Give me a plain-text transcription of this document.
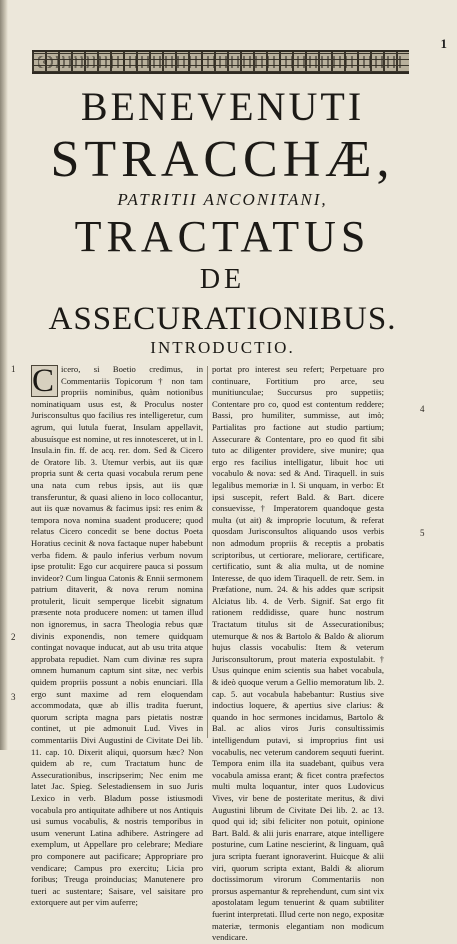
1
BENEVENUTI
STRACCHÆ,
PATRITII ANCONITANI,
TRACTATUS
DE
ASSECURATIONIBUS.
INTRODUCTIO.
1
2
3
4
5

Cicero, si Boetio credimus, in Commentariis Topicorum † non tam propriis nominibus, quàm notionibus nominatiquam usus est, & Proculus noster Jurisconsultus quo facilius res intelligeretur, cum agrum, qui lutula fuerat, Insulam appellavit, abusuísque est nomine, ut res innotesceret, ut in l. Insula.in fin. ff. de acq. rer. dom. Sed & Cicero de Oratore lib. 3. Utemur verbis, aut iis quæ propria sunt & certa quasi vocabula rerum pene una nata cum rebus ipsis, aut iis quæ transferuntur, & quasi alieno in loco collocantur, aut iis quæ novamus & facimus ipsi: res enim & tempora nova nomina suadent producere; quod relatus Cicero concedit se bene doctus Poeta Horatius cecinit & nova factaque nuper habebunt verba fidem. & paulo inferius verbum novum ipse protulit: Ego cur acquirere pauca si possum invideor? Cum lingua Catonis & Ennii sermonem patrium ditaverit, & nova rerum nomina protulerit, licuit semperque licebit signatum præsente nota producere nomen: ut tamen illud non ignoremus, in sacra Theologia rebus quæ divinis exponendis, non temere quidquam contingat novaque inducat, aut ab usu trita atque approbata repudiet. Nam cum divinæ res supra omnem humanum captum sint sitæ, nec verbis quidem propriis possunt a nobis enunciari. Illa ergo sunt maxime ad rem eloquendam accommodata, quæ ab illis tradita fuerunt, quorum scripta magna pars pietatis nostræ continet, ut pie admonuit Lud. Vives in commentariis Divi Augustini de Civitate Dei lib. 11. cap. 10. Dixerit aliqui, quorsum hæc? Non quidem ab re, cum Tractatum hunc de Assecurationibus, inscripserim; Nec enim me latet Jac. Spieg. Selestadiensem in suo Juris Lexico in verb. Bladum posse istiusmodi vocabula pro antiquitate adhibere ut nos Antiquis usi sumus vocabulis, & nostris temporibus in usum venerunt Latina adhibere. Astringere ad exemplum, ut Appellare pro celebrare; Mediare pro componere aut pacificare; Appropriare pro vendicare; Campus pro exercitu; Licia pro foribus; Treuga proinducias; Manutenere pro tueri ac sustentare; Saisare, vel saisitare pro extorquere aut per vim auferre;

portat pro interest seu refert; Perpetuare pro continuare, Fortitium pro arce, seu munitiunculae; Succursus pro suppetiis; Contentare pro co, quod est contentum reddere; Bassi, pro humiliter, summisse, aut imò; Partialitas pro factione aut studio partium; Assecurare & Contentare, pro eo quod fit sibi tuto ac diligenter providere, sive munire; qua ergo res facilius intelligatur, libuit hoc uti vocabulo & nova: sed & And. Tiraquell. in suis legalibus memoriæ in l. Si unquam, in verbo: Et ipsi suscepit, refert Bald. & Bart. dicere consuevisse, † Imperatorem quandoque gesta multa (ut ait) & improprie locutum, & referat quosdam Jurisconsultos aliquando usos verbis non admodum propriis & receptis a probatis scriptoribus, ut certiorare, meliorare, certificare, certificatio, sunt & alia multa, ut de nomine Interesse, de quo idem Tiraquell. de retr. Sem. in Præfatione, num. 24. & his addes quæ scripsit Alciatus lib. 4. de Verb. Signif. Sat ergo fit rationem reddidisse, quare hunc nostrum Tractatum titulus sit de Assecurationibus; utemurque & nos & Bartolo & Baldo & aliorum hujus classis vocabulis: Item & veterum Jurisconsultorum, prout materia expostulabit. † Usus quinque enim scientis sua habet vocabula, & ideò quoque verum a Gellio memoratum lib. 2. cap. 5. aut vocabula habebantur: Rustius sive indoctius loquere, & apertius sive clarius: & quando in hoc sermones incidamus, Bartolo & Bal. ac alios viros Juris consultissimis intelligendum putavi, si improprius fint usi vocabulis, nec veterum candorem sequuti fuerint. Tempora enim illa ita suadebant, quibus vera vocabula amissa erant; & ficet contra præfectos multi multa loquantur, inter quos Ludovicus Vives, vir bene de posteritate meritus, & divi Augustini librum de Civitate Dei lib. 2. ac 13. quod qui id; sibi feliciter non potuit, opinione Bart. Bald. & alii juris enarrare, atque intelligere posturine, cum Latine nescierint, & linguam, quâ jura scripta fuerant ignoraverint. Huicque & alii viri, quorum scripta extant, Baldi & aliorum doctissimorum virorum Commentariis non prorsus aspernantur & reprehendunt, cum sint vix apostolatam legum tenuerint & quam subtiliter fuerint interpretati. Illud certe non nego, expositæ materiæ, termonis elegantiam non modicum vendicare.
